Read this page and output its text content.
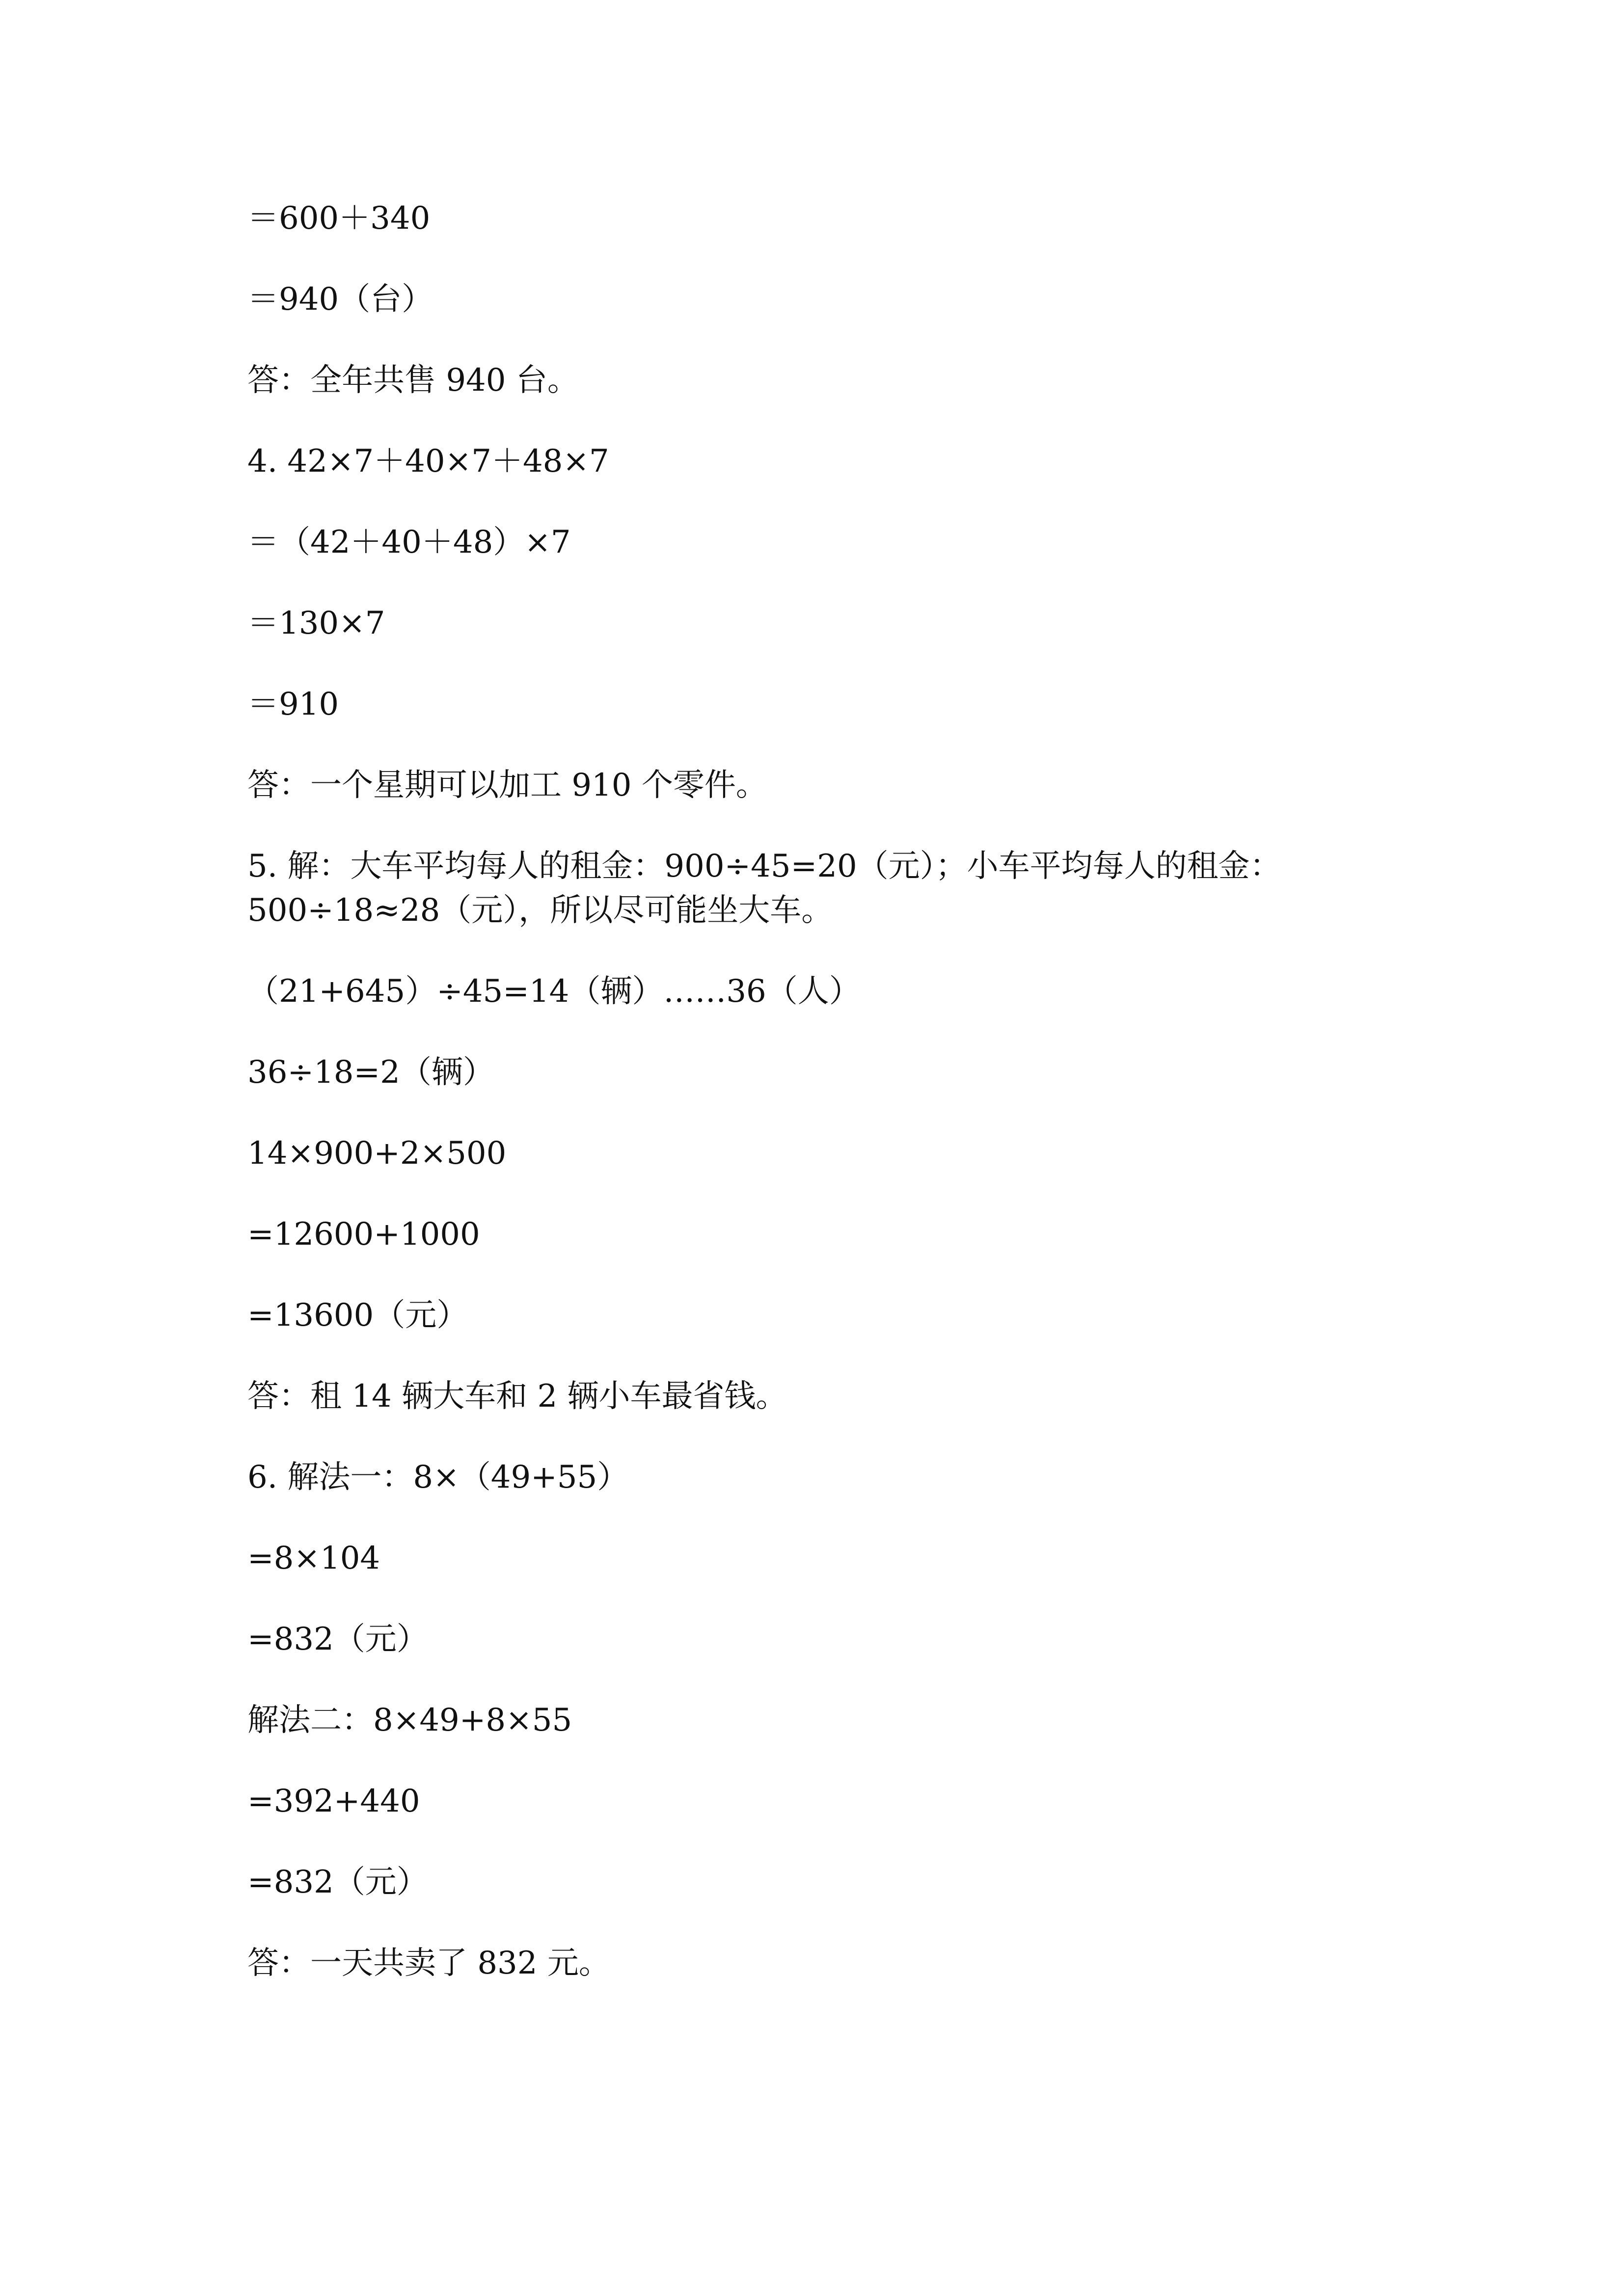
＝600＋340
＝940（台）
答：全年共售 940 台。
4. 42×7＋40×7＋48×7
＝（42＋40＋48）×7
＝130×7
＝910
答：一个星期可以加工 910 个零件。
5. 解：大车平均每人的租金：900÷45=20（元）；小车平均每人的租金：
500÷18≈28（元），所以尽可能坐大车。
（21+645）÷45=14（辆）……36（人）
36÷18=2（辆）
14×900+2×500
=12600+1000
=13600（元）
答：租 14 辆大车和 2 辆小车最省钱。
6. 解法一：8×（49+55）
=8×104
=832（元）
解法二：8×49+8×55
=392+440
=832（元）
答：一天共卖了 832 元。
